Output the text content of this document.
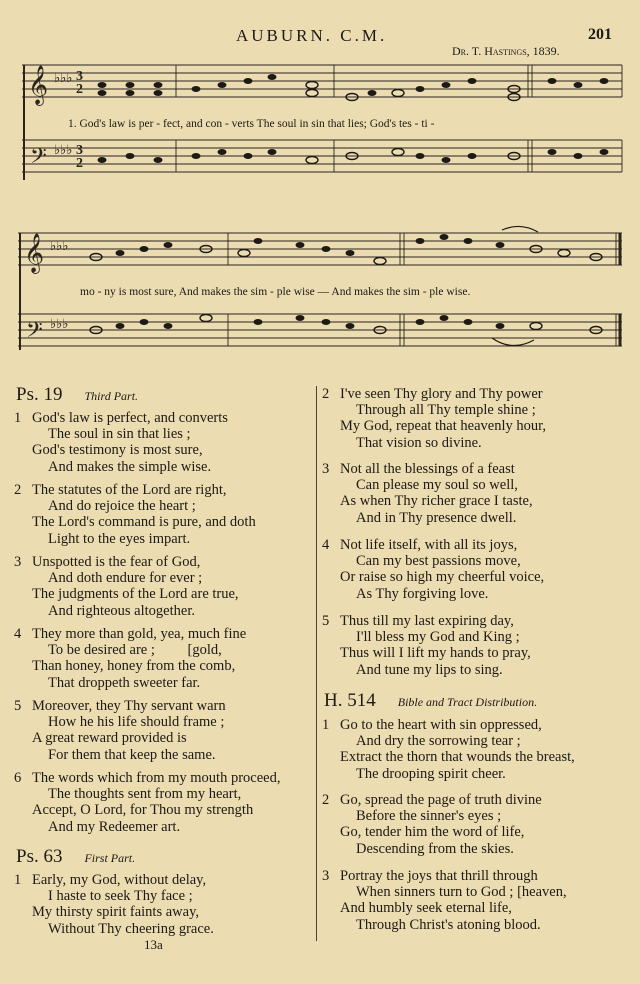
AUBURN. C.M.	201
Dr. T. Hastings, 1839.
𝄞
𝄢
♭♭♭
♭♭♭
3
2
3
2
1. God's law is per - fect, and con - verts The soul in sin that lies; God's tes - ti -
𝄞
𝄢
♭♭♭
♭♭♭
mo - ny is most sure, And makes the sim - ple wise — And makes the sim - ple wise.
Ps. 19 Third Part.
1 God's law is perfect, and converts
The soul in sin that lies ;
God's testimony is most sure,
And makes the simple wise.
2 The statutes of the Lord are right,
And do rejoice the heart ;
The Lord's command is pure, and doth
Light to the eyes impart.
3 Unspotted is the fear of God,
And doth endure for ever ;
The judgments of the Lord are true,
And righteous altogether.
4 They more than gold, yea, much fine
To be desired are ;         [gold,
Than honey, honey from the comb,
That droppeth sweeter far.
5 Moreover, they Thy servant warn
How he his life should frame ;
A great reward provided is
For them that keep the same.
6 The words which from my mouth proceed,
The thoughts sent from my heart,
Accept, O Lord, for Thou my strength
And my Redeemer art.
Ps. 63 First Part.
1 Early, my God, without delay,
I haste to seek Thy face ;
My thirsty spirit faints away,
Without Thy cheering grace.
13a
2 I've seen Thy glory and Thy power
Through all Thy temple shine ;
My God, repeat that heavenly hour,
That vision so divine.
3 Not all the blessings of a feast
Can please my soul so well,
As when Thy richer grace I taste,
And in Thy presence dwell.
4 Not life itself, with all its joys,
Can my best passions move,
Or raise so high my cheerful voice,
As Thy forgiving love.
5 Thus till my last expiring day,
I'll bless my God and King ;
Thus will I lift my hands to pray,
And tune my lips to sing.
H. 514 Bible and Tract Distribution.
1 Go to the heart with sin oppressed,
And dry the sorrowing tear ;
Extract the thorn that wounds the breast,
The drooping spirit cheer.
2 Go, spread the page of truth divine
Before the sinner's eyes ;
Go, tender him the word of life,
Descending from the skies.
3 Portray the joys that thrill through
When sinners turn to God ; [heaven,
And humbly seek eternal life,
Through Christ's atoning blood.
